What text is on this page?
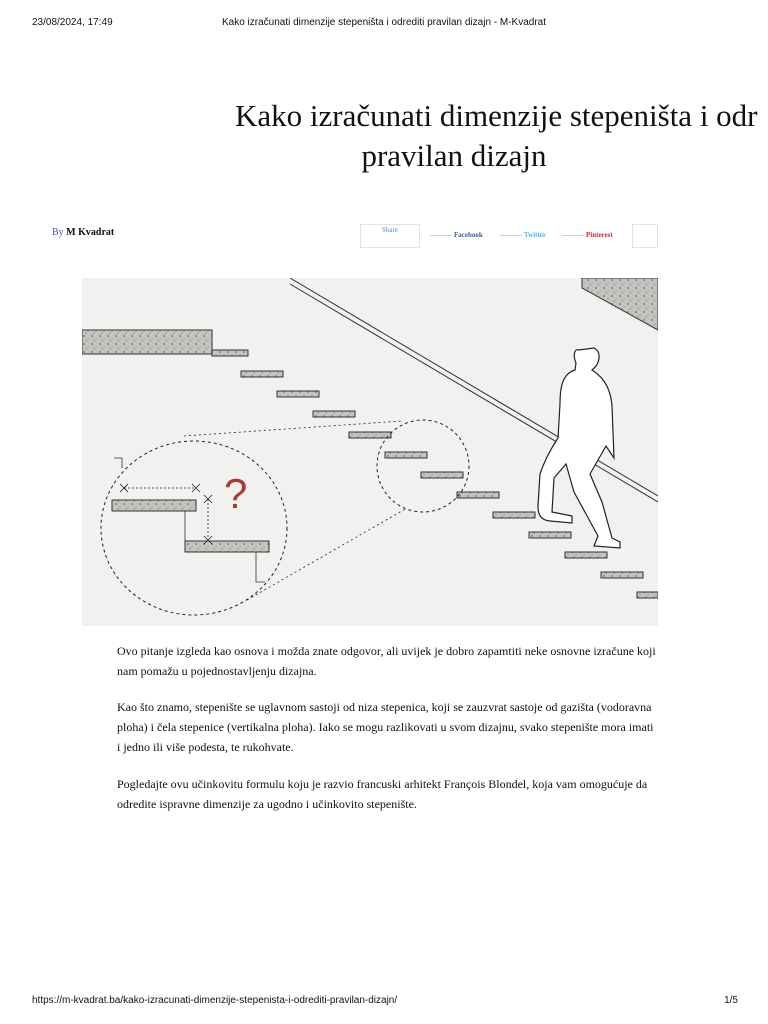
23/08/2024, 17:49	Kako izračunati dimenzije stepeništa i odrediti pravilan dizajn - M-Kvadrat
Kako izračunati dimenzije stepeništa i odr
pravilan dizajn
By M Kvadrat	Share
Facebook	Twitter	Pinterest
?

Ovo pitanje izgleda kao osnova i možda znate odgovor, ali uvijek je dobro zapamtiti neke osnovne izračune koji nam pomažu u pojednostavljenju dizajna.

Kao što znamo, stepenište se uglavnom sastoji od niza stepenica, koji se zauzvrat sastoje od gazišta (vodoravna ploha) i čela stepenice (vertikalna ploha). Iako se mogu razlikovati u svom dizajnu, svako stepenište mora imati i jedno ili više podesta, te rukohvate.

Pogledajte ovu učinkovitu formulu koju je razvio francuski arhitekt François Blondel, koja vam omogućuje da odredite ispravne dimenzije za ugodno i učinkovito stepenište.

https://m-kvadrat.ba/kako-izracunati-dimenzije-stepenista-i-odrediti-pravilan-dizajn/	1/5
